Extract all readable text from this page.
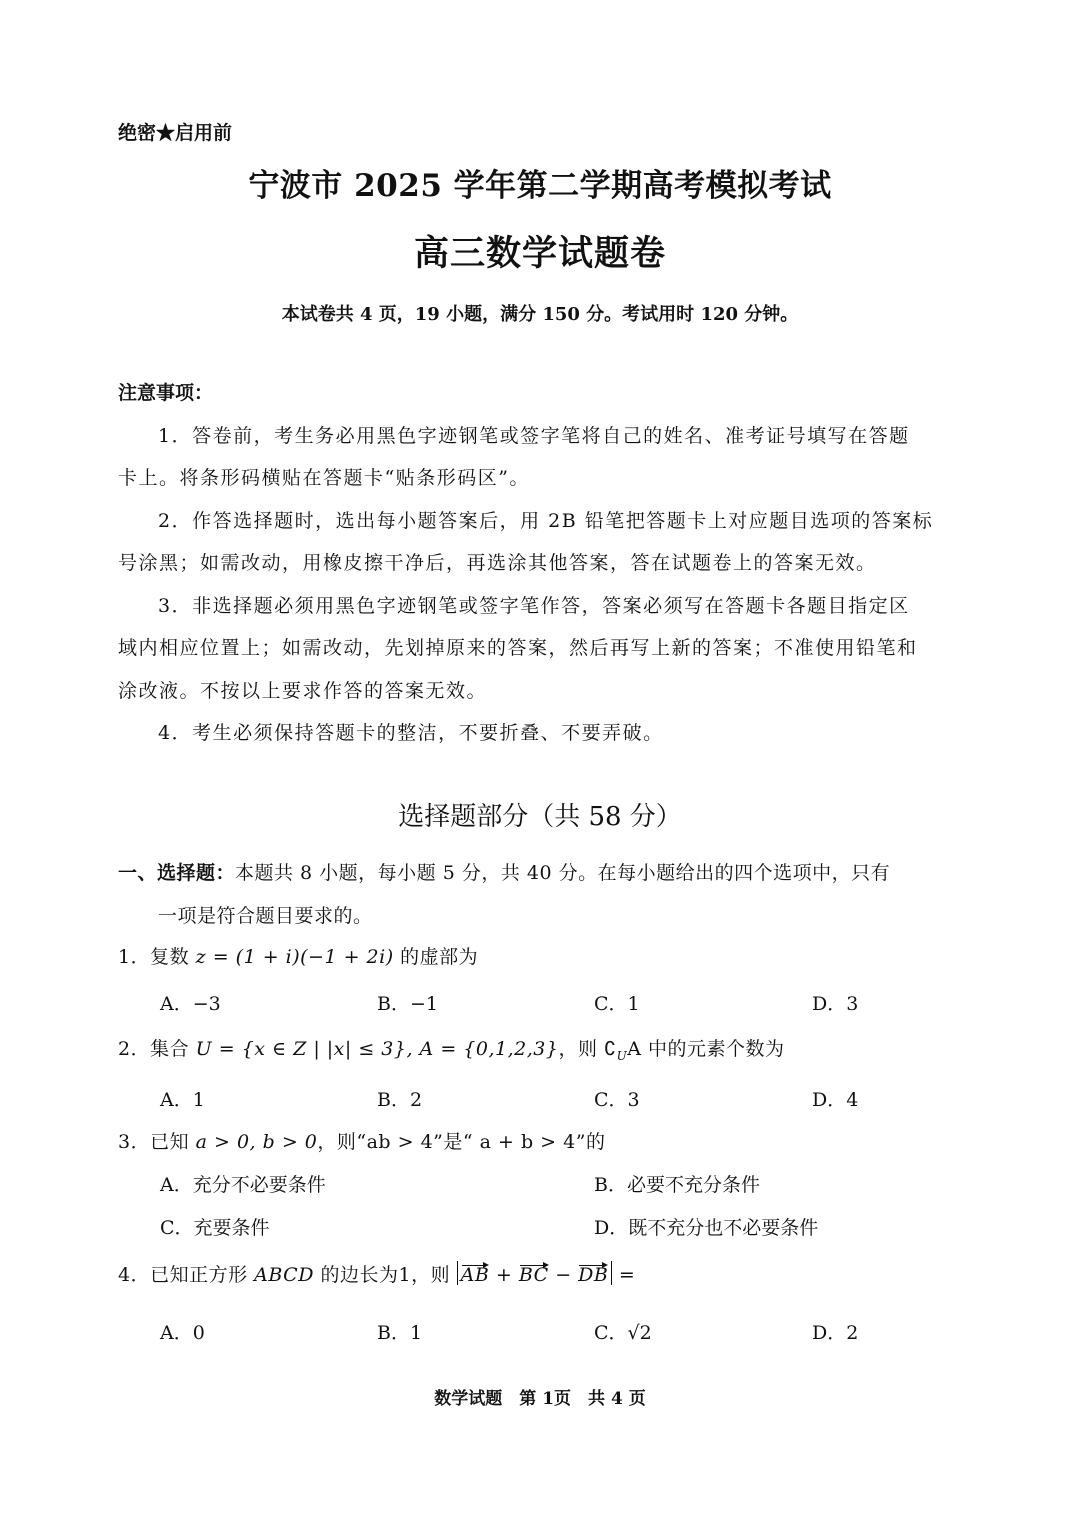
绝密★启用前
宁波市 2025 学年第二学期高考模拟考试
高三数学试题卷
本试卷共 4 页，19 小题，满分 150 分。考试用时 120 分钟。
注意事项：
1．答卷前，考生务必用黑色字迹钢笔或签字笔将自己的姓名、准考证号填写在答题
卡上。将条形码横贴在答题卡“贴条形码区”。
2．作答选择题时，选出每小题答案后，用 2B 铅笔把答题卡上对应题目选项的答案标
号涂黑；如需改动，用橡皮擦干净后，再选涂其他答案，答在试题卷上的答案无效。
3．非选择题必须用黑色字迹钢笔或签字笔作答，答案必须写在答题卡各题目指定区
域内相应位置上；如需改动，先划掉原来的答案，然后再写上新的答案；不准使用铅笔和
涂改液。不按以上要求作答的答案无效。
4．考生必须保持答题卡的整洁，不要折叠、不要弄破。
选择题部分（共 58 分）
一、选择题：本题共 8 小题，每小题 5 分，共 40 分。在每小题给出的四个选项中，只有
一项是符合题目要求的。
1．复数 z = (1 + i)(−1 + 2i) 的虚部为
A．−3	B．−1	C．1	D．3
2．集合 U = {x ∈ Z | |x| ≤ 3}, A = {0,1,2,3}，则 $∁_UA$ 中的元素个数为
A．1	B．2	C．3	D．4
3．已知 a > 0, b > 0，则“ab > 4”是“ a + b > 4”的
A．充分不必要条件	B．必要不充分条件
C．充要条件	D．既不充分也不必要条件
4．已知正方形 ABCD 的边长为1，则 AB + BC − DB =
A．0	B．1	C．√2	D．2
数学试题　第 1页　共 4 页
